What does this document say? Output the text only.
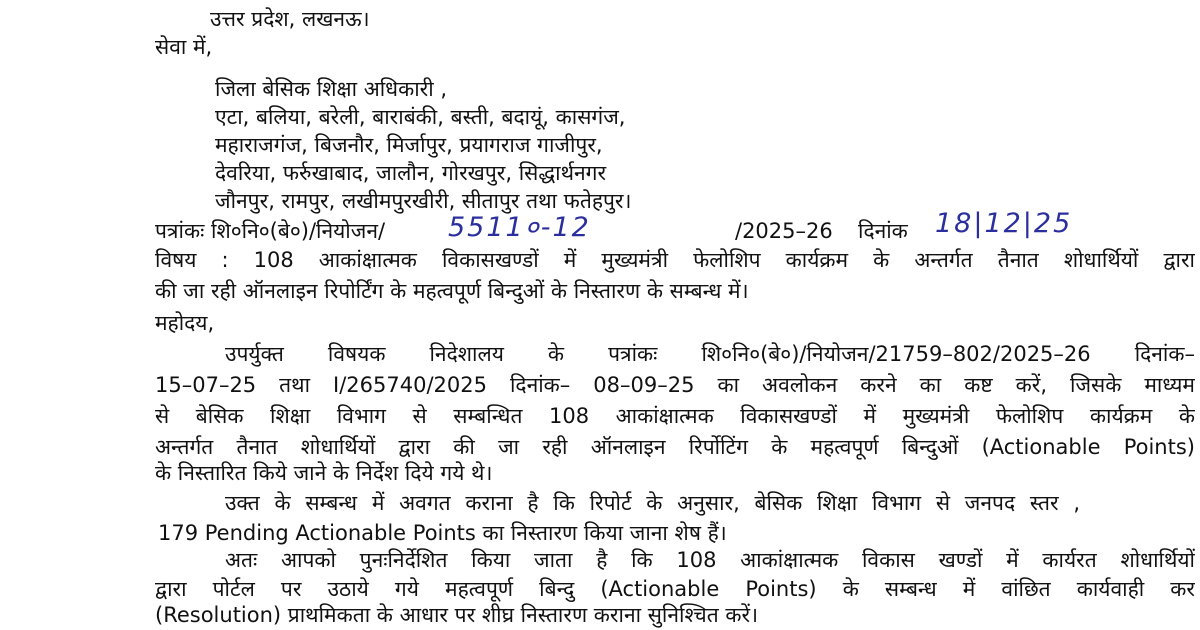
उत्तर प्रदेश, लखनऊ।

सेवा में,

जिला बेसिक शिक्षा अधिकारी ,

एटा, बलिया, बरेली, बाराबंकी, बस्ती, बदायूं, कासगंज,

महाराजगंज, बिजनौर, मिर्जापुर, प्रयागराज गाजीपुर,

देवरिया, फर्रुखाबाद, जालौन, गोरखपुर, सिद्धार्थनगर

जौनपुर, रामपुर, लखीमपुरखीरी, सीतापुर तथा फतेहपुर।

पत्रांकः शि०नि०(बे०)/नियोजन/ 5511०-12	/2025–26 दिनांक 18|12|25

विषय : 108 आकांक्षात्मक विकासखण्डों में मुख्यमंत्री फेलोशिप कार्यक्रम के अन्तर्गत तैनात शोधार्थियों द्वारा

की जा रही ऑनलाइन रिपोर्टिंग के महत्वपूर्ण बिन्दुओं के निस्तारण के सम्बन्ध में।

महोदय,

उपर्युक्त विषयक निदेशालय के पत्रांकः शि०नि०(बे०)/नियोजन/21759–802/2025–26 दिनांक–

15–07–25 तथा I/265740/2025 दिनांक– 08–09–25 का अवलोकन करने का कष्ट करें, जिसके माध्यम

से बेसिक शिक्षा विभाग से सम्बन्धित 108 आकांक्षात्मक विकासखण्डों में मुख्यमंत्री फेलोशिप कार्यक्रम के

अन्तर्गत तैनात शोधार्थियों द्वारा की जा रही ऑनलाइन रिर्पोटिंग के महत्वपूर्ण बिन्दुओं (Actionable Points)

के निस्तारित किये जाने के निर्देश दिये गये थे।

उक्त के सम्बन्ध में अवगत कराना है कि रिपोर्ट के अनुसार, बेसिक शिक्षा विभाग से जनपद स्तर ,

179 Pending Actionable Points का निस्तारण किया जाना शेष हैं।

अतः आपको पुनःनिर्देशित किया जाता है कि 108 आकांक्षात्मक विकास खण्डों में कार्यरत शोधार्थियों

द्वारा पोर्टल पर उठाये गये महत्वपूर्ण बिन्दु (Actionable Points) के सम्बन्ध में वांछित कार्यवाही कर

(Resolution) प्राथमिकता के आधार पर शीघ्र निस्तारण कराना सुनिश्चित करें।
